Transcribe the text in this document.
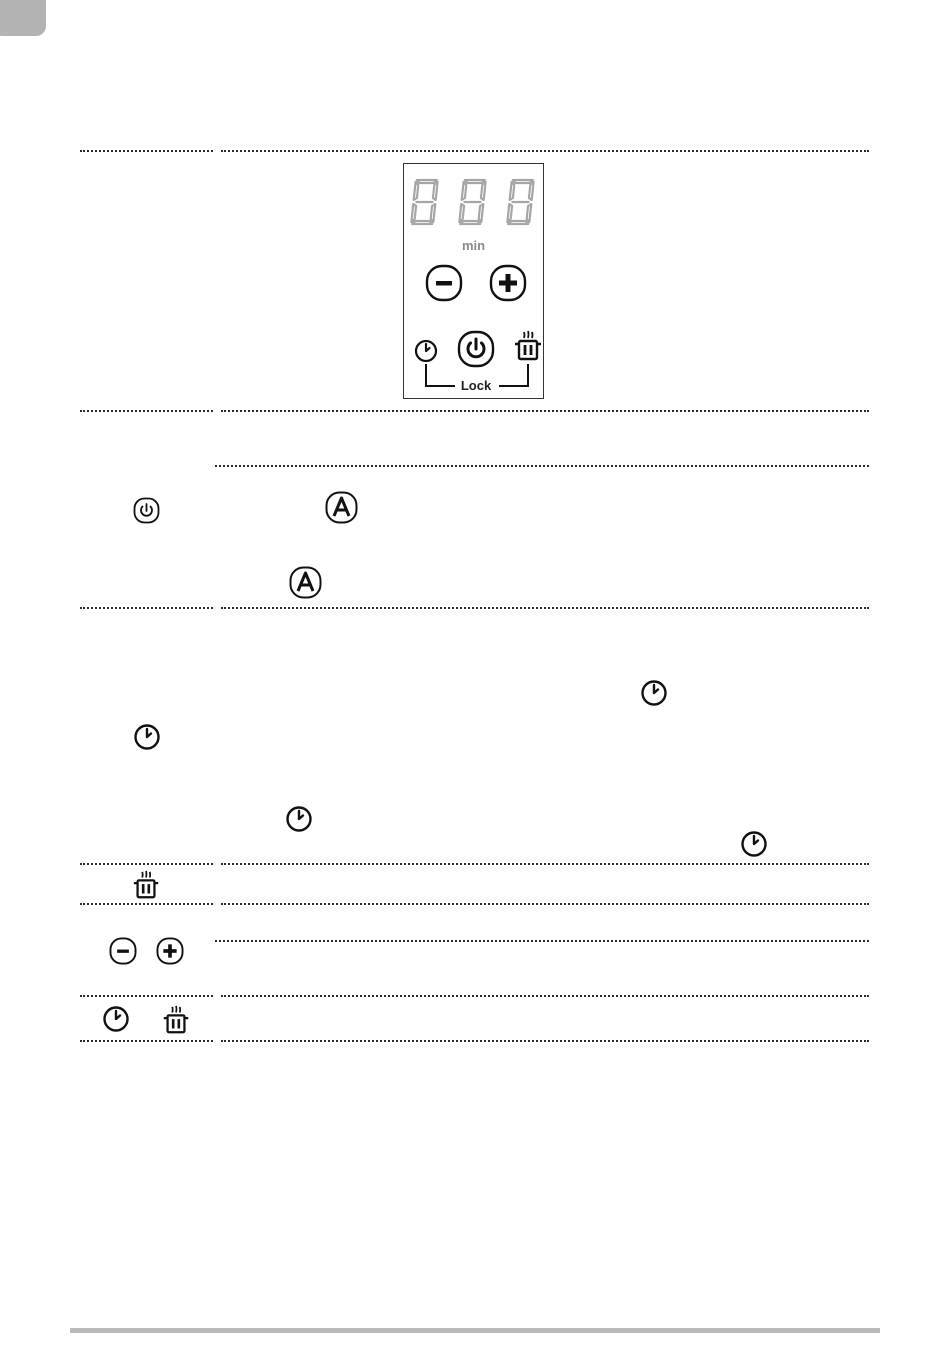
min
Lock
